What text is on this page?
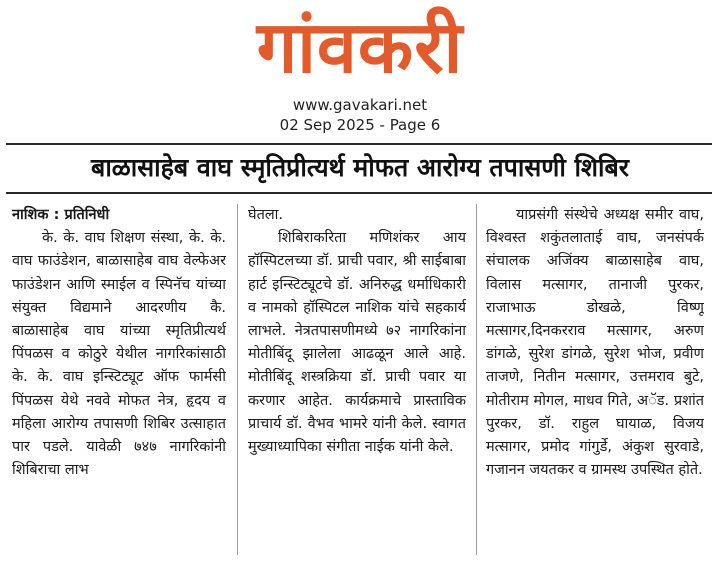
गांवकरी
www.gavakari.net
02 Sep 2025 - Page 6
बाळासाहेब वाघ स्मृतिप्रीत्यर्थ मोफत आरोग्य तपासणी शिबिर

नाशिक : प्रतिनिधी

के. के. वाघ शिक्षण संस्था, के. के. वाघ फाउंडेशन, बाळासाहेब वाघ वेल्फेअर फाउंडेशन आणि स्माईल व स्पिनॅच यांच्या संयुक्त विद्यमाने आदरणीय कै. बाळासाहेब वाघ यांच्या स्मृतिप्रीत्यर्थ पिंपळस व कोठुरे येथील नागरिकांसाठी के. के. वाघ इन्स्टिट्यूट ऑफ फार्मसी पिंपळस येथे नववे मोफत नेत्र, हृदय व महिला आरोग्य तपासणी शिबिर उत्साहात पार पडले. यावेळी ७४७ नागरिकांनी शिबिराचा लाभ

घेतला.

शिबिराकरिता मणिशंकर आय हॉस्पिटलच्या डॉ. प्राची पवार, श्री साईबाबा हार्ट इन्स्टिट्यूटचे डॉ. अनिरुद्ध धर्माधिकारी व नामको हॉस्पिटल नाशिक यांचे सहकार्य लाभले. नेत्रतपासणीमध्ये ७२ नागरिकांना मोतीबिंदू झालेला आढळून आले आहे. मोतीबिंदू शस्त्रक्रिया डॉ. प्राची पवार या करणार आहेत. कार्यक्रमाचे प्रास्ताविक प्राचार्य डॉ. वैभव भामरे यांनी केले. स्वागत मुख्याध्यापिका संगीता नाईक यांनी केले.

याप्रसंगी संस्थेचे अध्यक्ष समीर वाघ, विश्वस्त शकुंतलाताई वाघ, जनसंपर्क संचालक अजिंक्य बाळासाहेब वाघ, विलास मत्सागर, तानाजी पुरकर, राजाभाऊ डोखळे, विष्णू मत्सागर,दिनकरराव मत्सागर, अरुण डांगळे, सुरेश डांगळे, सुरेश भोज, प्रवीण ताजणे, नितीन मत्सागर, उत्तमराव बुटे, मोतीराम मोगल, माधव गिते, अॅड. प्रशांत पुरकर, डॉ. राहुल घायाळ, विजय मत्सागर, प्रमोद गांगुर्डे, अंकुश सुरवाडे, गजानन जयतकर व ग्रामस्थ उपस्थित होते.
